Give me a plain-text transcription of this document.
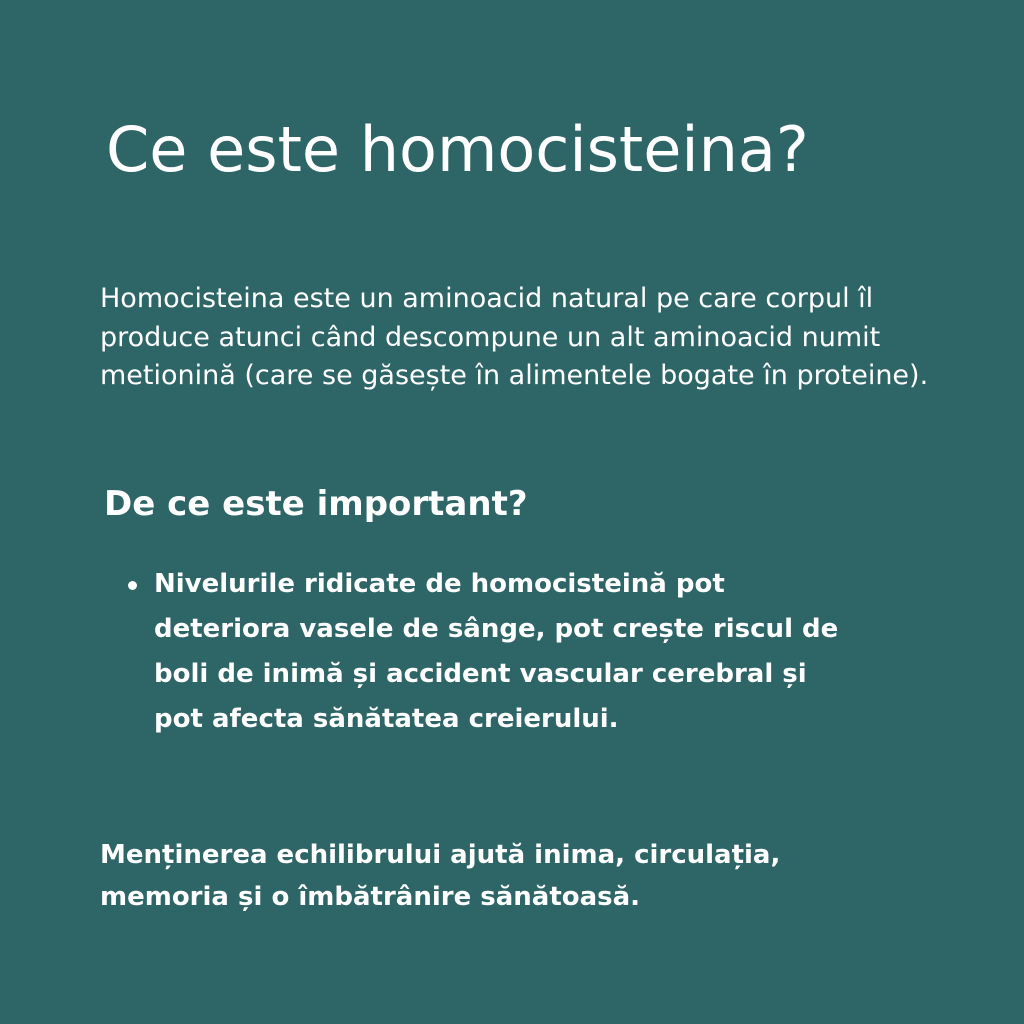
Ce este homocisteina?

Homocisteina este un aminoacid natural pe care corpul îl produce atunci când descompune un alt aminoacid numit metionină (care se găsește în alimentele bogate în proteine).

De ce este important?
Nivelurile ridicate de homocisteină pot deteriora vasele de sânge, pot crește riscul de boli de inimă și accident vascular cerebral și pot afecta sănătatea creierului.

Menținerea echilibrului ajută inima, circulația, memoria și o îmbătrânire sănătoasă.
